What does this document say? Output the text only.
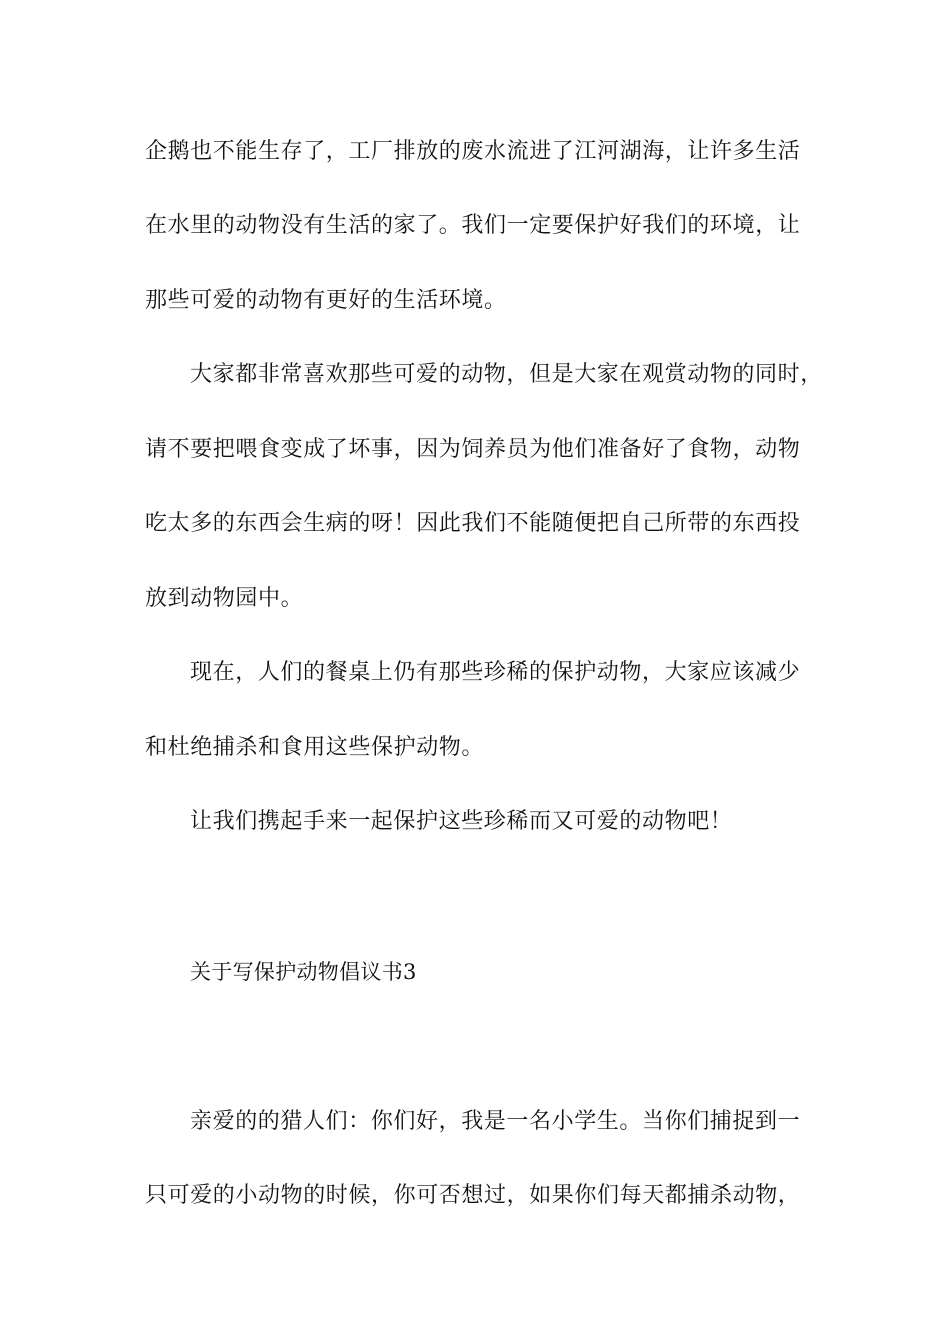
企鹅也不能生存了，工厂排放的废水流进了江河湖海，让许多生活
在水里的动物没有生活的家了。我们一定要保护好我们的环境，让
那些可爱的动物有更好的生活环境。
大家都非常喜欢那些可爱的动物，但是大家在观赏动物的同时，
请不要把喂食变成了坏事，因为饲养员为他们准备好了食物，动物
吃太多的东西会生病的呀！因此我们不能随便把自己所带的东西投
放到动物园中。
现在，人们的餐桌上仍有那些珍稀的保护动物，大家应该减少
和杜绝捕杀和食用这些保护动物。
让我们携起手来一起保护这些珍稀而又可爱的动物吧！
关于写保护动物倡议书3
亲爱的的猎人们：你们好，我是一名小学生。当你们捕捉到一
只可爱的小动物的时候，你可否想过，如果你们每天都捕杀动物，
